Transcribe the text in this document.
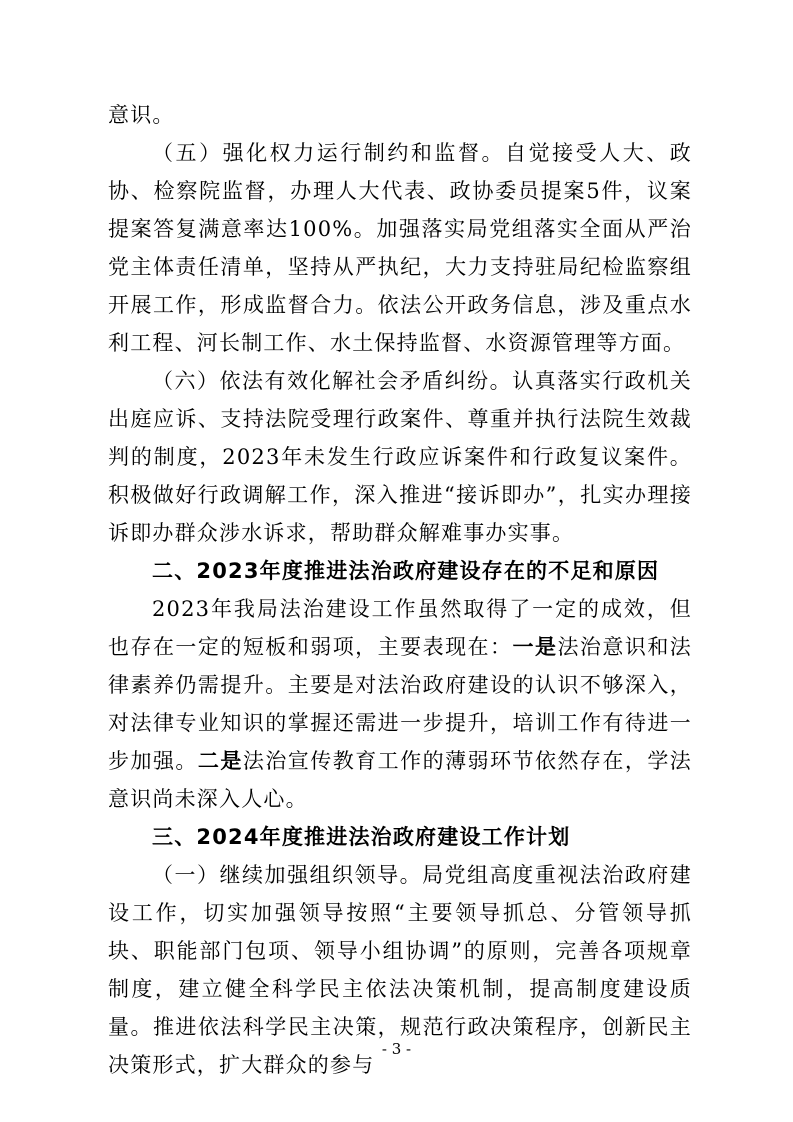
意识。

（五）强化权力运行制约和监督。自觉接受人大、政协、检察院监督，办理人大代表、政协委员提案5件，议案提案答复满意率达100%。加强落实局党组落实全面从严治党主体责任清单，坚持从严执纪，大力支持驻局纪检监察组开展工作，形成监督合力。依法公开政务信息，涉及重点水利工程、河长制工作、水土保持监督、水资源管理等方面。

（六）依法有效化解社会矛盾纠纷。认真落实行政机关出庭应诉、支持法院受理行政案件、尊重并执行法院生效裁判的制度，2023年未发生行政应诉案件和行政复议案件。积极做好行政调解工作，深入推进“接诉即办”，扎实办理接诉即办群众涉水诉求，帮助群众解难事办实事。

二、2023年度推进法治政府建设存在的不足和原因

2023年我局法治建设工作虽然取得了一定的成效，但也存在一定的短板和弱项，主要表现在：一是法治意识和法律素养仍需提升。主要是对法治政府建设的认识不够深入，对法律专业知识的掌握还需进一步提升，培训工作有待进一步加强。二是法治宣传教育工作的薄弱环节依然存在，学法意识尚未深入人心。

三、2024年度推进法治政府建设工作计划

（一）继续加强组织领导。局党组高度重视法治政府建设工作，切实加强领导按照“主要领导抓总、分管领导抓块、职能部门包项、领导小组协调”的原则，完善各项规章制度，建立健全科学民主依法决策机制，提高制度建设质量。推进依法科学民主决策，规范行政决策程序，创新民主决策形式，扩大群众的参与

- 3 -
